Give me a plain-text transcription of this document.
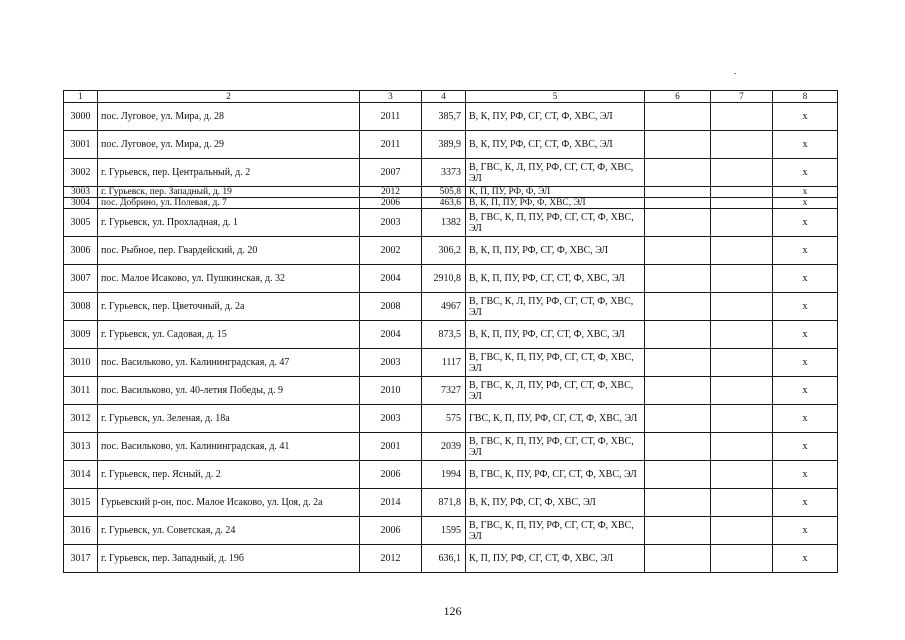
1	2	3	4	5	6	7	8
3000	пос. Луговое, ул. Мира, д. 28	2011	385,7	В, К, ПУ, РФ, СГ, СТ, Ф, ХВС, ЭЛ			x
3001	пос. Луговое, ул. Мира, д. 29	2011	389,9	В, К, ПУ, РФ, СГ, СТ, Ф, ХВС, ЭЛ			x
3002	г. Гурьевск, пер. Центральный, д. 2	2007	3373	В, ГВС, К, Л, ПУ, РФ, СГ, СТ, Ф, ХВС, ЭЛ			x
3003	г. Гурьевск, пер. Западный, д. 19	2012	505,8	К, П, ПУ, РФ, Ф, ЭЛ			x
3004	пос. Добрино, ул. Полевая, д. 7	2006	463,6	В, К, П, ПУ, РФ, Ф, ХВС, ЭЛ			x
3005	г. Гурьевск, ул. Прохладная, д. 1	2003	1382	В, ГВС, К, П, ПУ, РФ, СГ, СТ, Ф, ХВС, ЭЛ			x
3006	пос. Рыбное, пер. Гвардейский, д. 20	2002	306,2	В, К, П, ПУ, РФ, СГ, Ф, ХВС, ЭЛ			x
3007	пос. Малое Исаково, ул. Пушкинская, д. 32	2004	2910,8	В, К, П, ПУ, РФ, СГ, СТ, Ф, ХВС, ЭЛ			x
3008	г. Гурьевск, пер. Цветочный, д. 2а	2008	4967	В, ГВС, К, Л, ПУ, РФ, СГ, СТ, Ф, ХВС, ЭЛ			x
3009	г. Гурьевск, ул. Садовая, д. 15	2004	873,5	В, К, П, ПУ, РФ, СГ, СТ, Ф, ХВС, ЭЛ			x
3010	пос. Васильково, ул. Калининградская, д. 47	2003	1117	В, ГВС, К, П, ПУ, РФ, СГ, СТ, Ф, ХВС, ЭЛ			x
3011	пос. Васильково, ул. 40-летия Победы, д. 9	2010	7327	В, ГВС, К, Л, ПУ, РФ, СГ, СТ, Ф, ХВС, ЭЛ			x
3012	г. Гурьевск, ул. Зеленая, д. 18а	2003	575	ГВС, К, П, ПУ, РФ, СГ, СТ, Ф, ХВС, ЭЛ			x
3013	пос. Васильково, ул. Калининградская, д. 41	2001	2039	В, ГВС, К, П, ПУ, РФ, СГ, СТ, Ф, ХВС, ЭЛ			x
3014	г. Гурьевск, пер. Ясный, д. 2	2006	1994	В, ГВС, К, ПУ, РФ, СГ, СТ, Ф, ХВС, ЭЛ			x
3015	Гурьевский р-он, пос. Малое Исаково, ул. Цоя, д. 2а	2014	871,8	В, К, ПУ, РФ, СГ, Ф, ХВС, ЭЛ			x
3016	г. Гурьевск, ул. Советская, д. 24	2006	1595	В, ГВС, К, П, ПУ, РФ, СГ, СТ, Ф, ХВС, ЭЛ			x
3017	г. Гурьевск, пер. Западный, д. 19б	2012	636,1	К, П, ПУ, РФ, СГ, СТ, Ф, ХВС, ЭЛ			x
126
